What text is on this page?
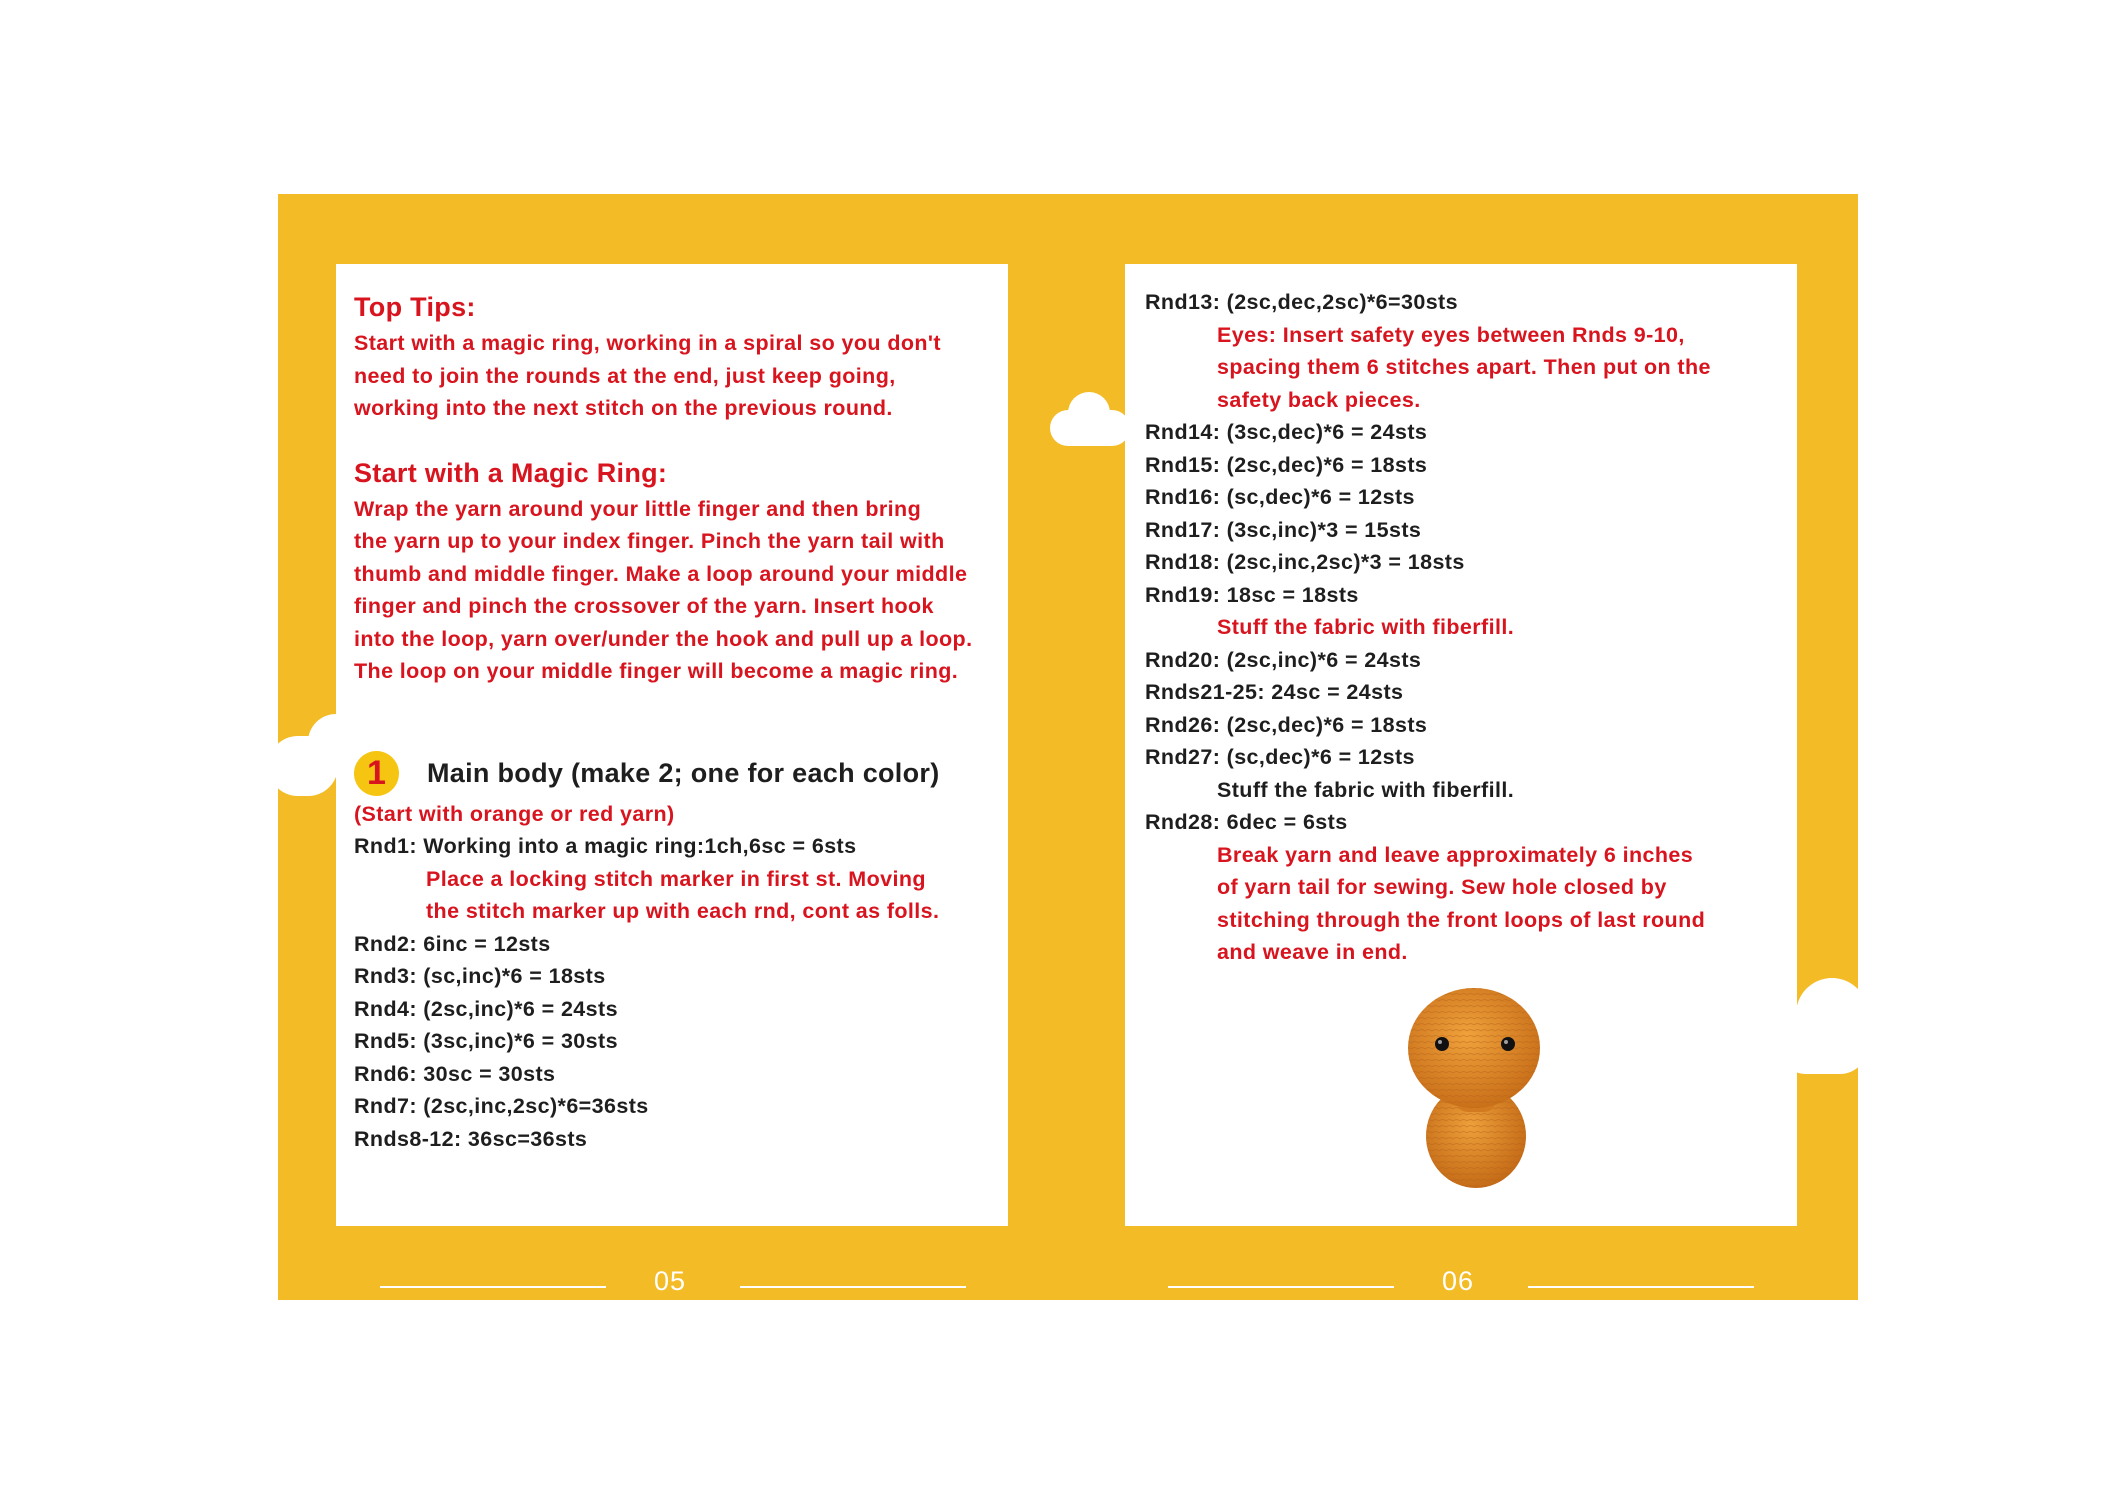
Top Tips:

Start with a magic ring, working in a spiral so you don't

need to join the rounds at the end, just keep going,

working into the next stitch on the previous round.

Start with a Magic Ring:

Wrap the yarn around your little finger and then bring

the yarn up to your index finger. Pinch the yarn tail with

thumb and middle finger. Make a loop around your middle

finger and pinch the crossover of the yarn. Insert hook

into the loop, yarn over/under the hook and pull up a loop.

The loop on your middle finger will become a magic ring.

1	Main body (make 2; one for each color)

(Start with orange or red yarn)

Rnd1: Working into a magic ring:1ch,6sc = 6sts

Place a locking stitch marker in first st. Moving

the stitch marker up with each rnd, cont as folls.

Rnd2: 6inc = 12sts

Rnd3: (sc,inc)*6 = 18sts

Rnd4: (2sc,inc)*6 = 24sts

Rnd5: (3sc,inc)*6 = 30sts

Rnd6: 30sc = 30sts

Rnd7: (2sc,inc,2sc)*6=36sts

Rnds8-12: 36sc=36sts

Rnd13: (2sc,dec,2sc)*6=30sts

Eyes: Insert safety eyes between Rnds 9-10,

spacing them 6 stitches apart. Then put on the

safety back pieces.

Rnd14: (3sc,dec)*6 = 24sts

Rnd15: (2sc,dec)*6 = 18sts

Rnd16: (sc,dec)*6 = 12sts

Rnd17: (3sc,inc)*3 = 15sts

Rnd18: (2sc,inc,2sc)*3 = 18sts

Rnd19: 18sc = 18sts

Stuff the fabric with fiberfill.

Rnd20: (2sc,inc)*6 = 24sts

Rnds21-25: 24sc = 24sts

Rnd26: (2sc,dec)*6 = 18sts

Rnd27: (sc,dec)*6 = 12sts

Stuff the fabric with fiberfill.

Rnd28: 6dec = 6sts

Break yarn and leave approximately 6 inches

of yarn tail for sewing. Sew hole closed by

stitching through the front loops of last round

and weave in end.

05	06
